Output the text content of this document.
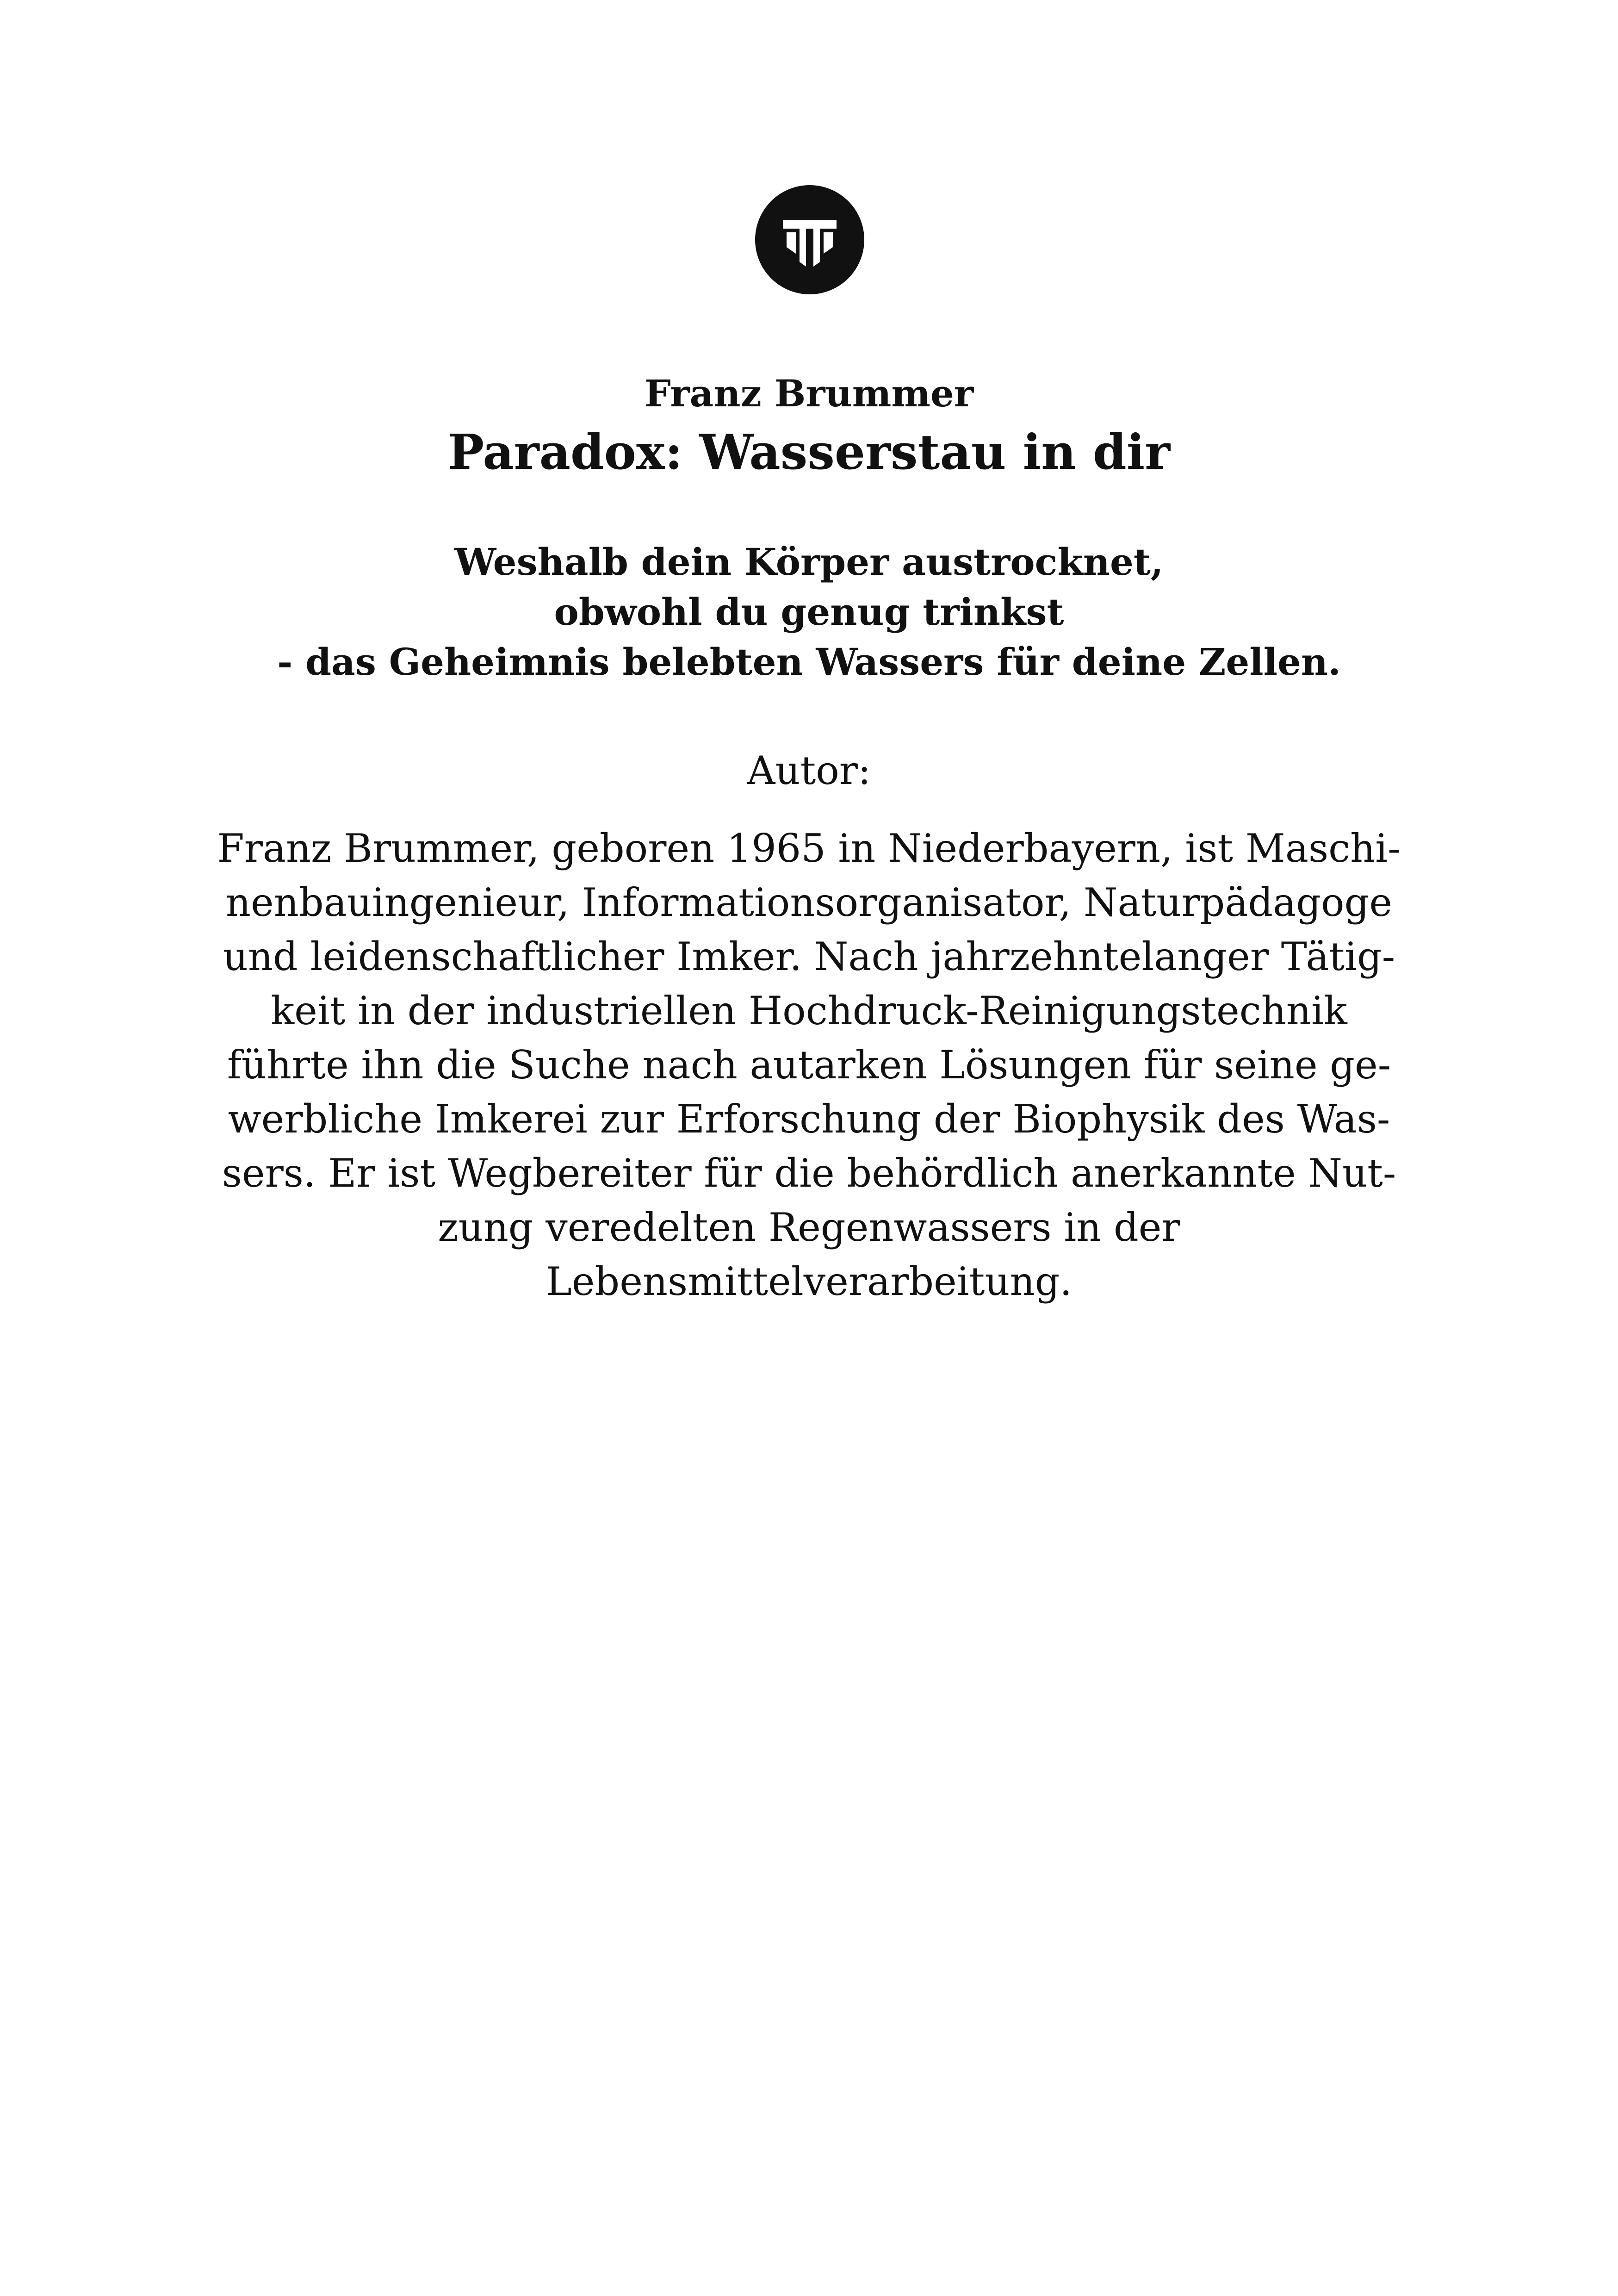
Franz Brummer
Paradox: Wasserstau in dir
Weshalb dein Körper austrocknet,
obwohl du genug trinkst
- das Geheimnis belebten Wassers für deine Zellen.
Autor:
Franz Brummer, geboren 1965 in Niederbayern, ist Maschi-
nenbauingenieur, Informationsorganisator, Naturpädagoge
und leidenschaftlicher Imker. Nach jahrzehntelanger Tätig-
keit in der industriellen Hochdruck-Reinigungstechnik
führte ihn die Suche nach autarken Lösungen für seine ge-
werbliche Imkerei zur Erforschung der Biophysik des Was-
sers. Er ist Wegbereiter für die behördlich anerkannte Nut-
zung veredelten Regenwassers in der
Lebensmittelverarbeitung.
